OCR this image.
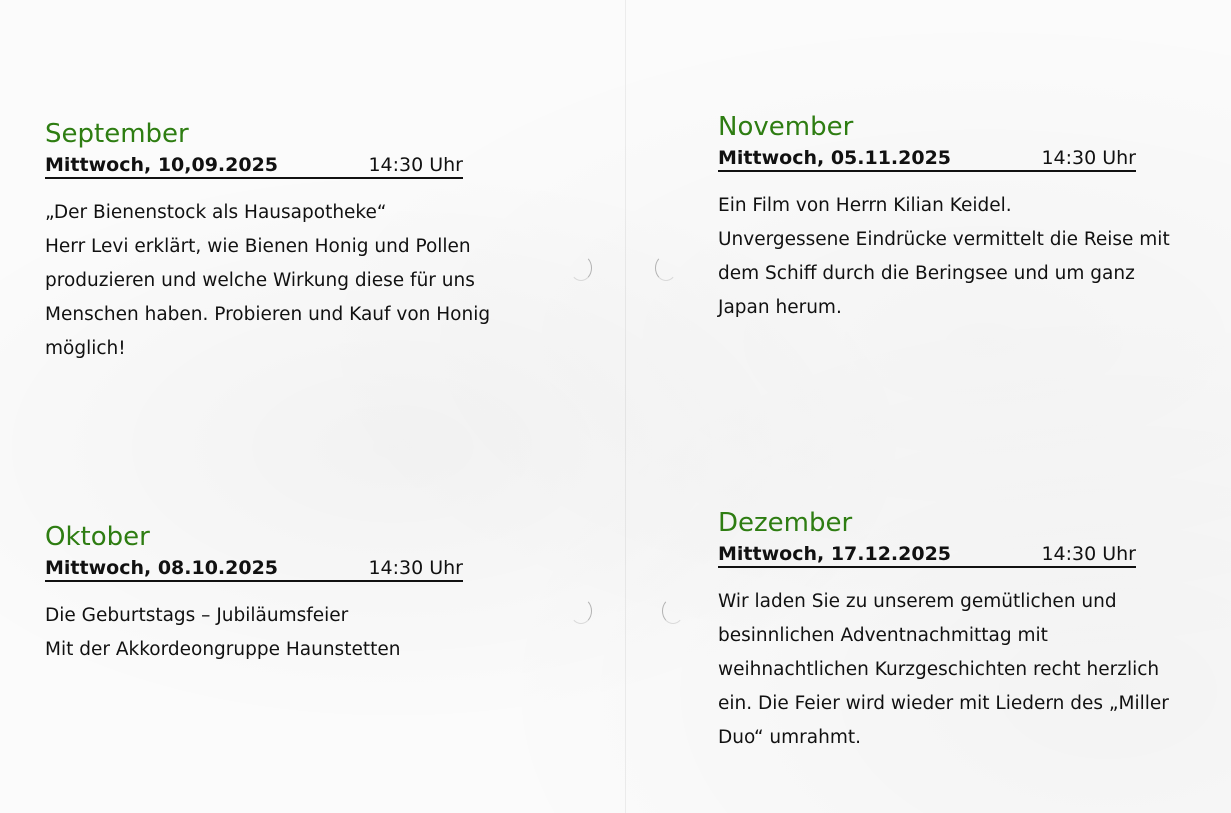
September
Mittwoch, 10,09.2025	14:30 Uhr

„Der Bienenstock als Hausapotheke“

Herr Levi erklärt, wie Bienen Honig und Pollen

produzieren und welche Wirkung diese für uns

Menschen haben. Probieren und Kauf von Honig

möglich!

Oktober
Mittwoch, 08.10.2025	14:30 Uhr

Die Geburtstags – Jubiläumsfeier

Mit der Akkordeongruppe Haunstetten

November
Mittwoch, 05.11.2025	14:30 Uhr

Ein Film von Herrn Kilian Keidel.

Unvergessene Eindrücke vermittelt die Reise mit

dem Schiff durch die Beringsee und um ganz

Japan herum.

Dezember
Mittwoch, 17.12.2025	14:30 Uhr

Wir laden Sie zu unserem gemütlichen und

besinnlichen Adventnachmittag mit

weihnachtlichen Kurzgeschichten recht herzlich

ein. Die Feier wird wieder mit Liedern des „Miller

Duo“ umrahmt.
